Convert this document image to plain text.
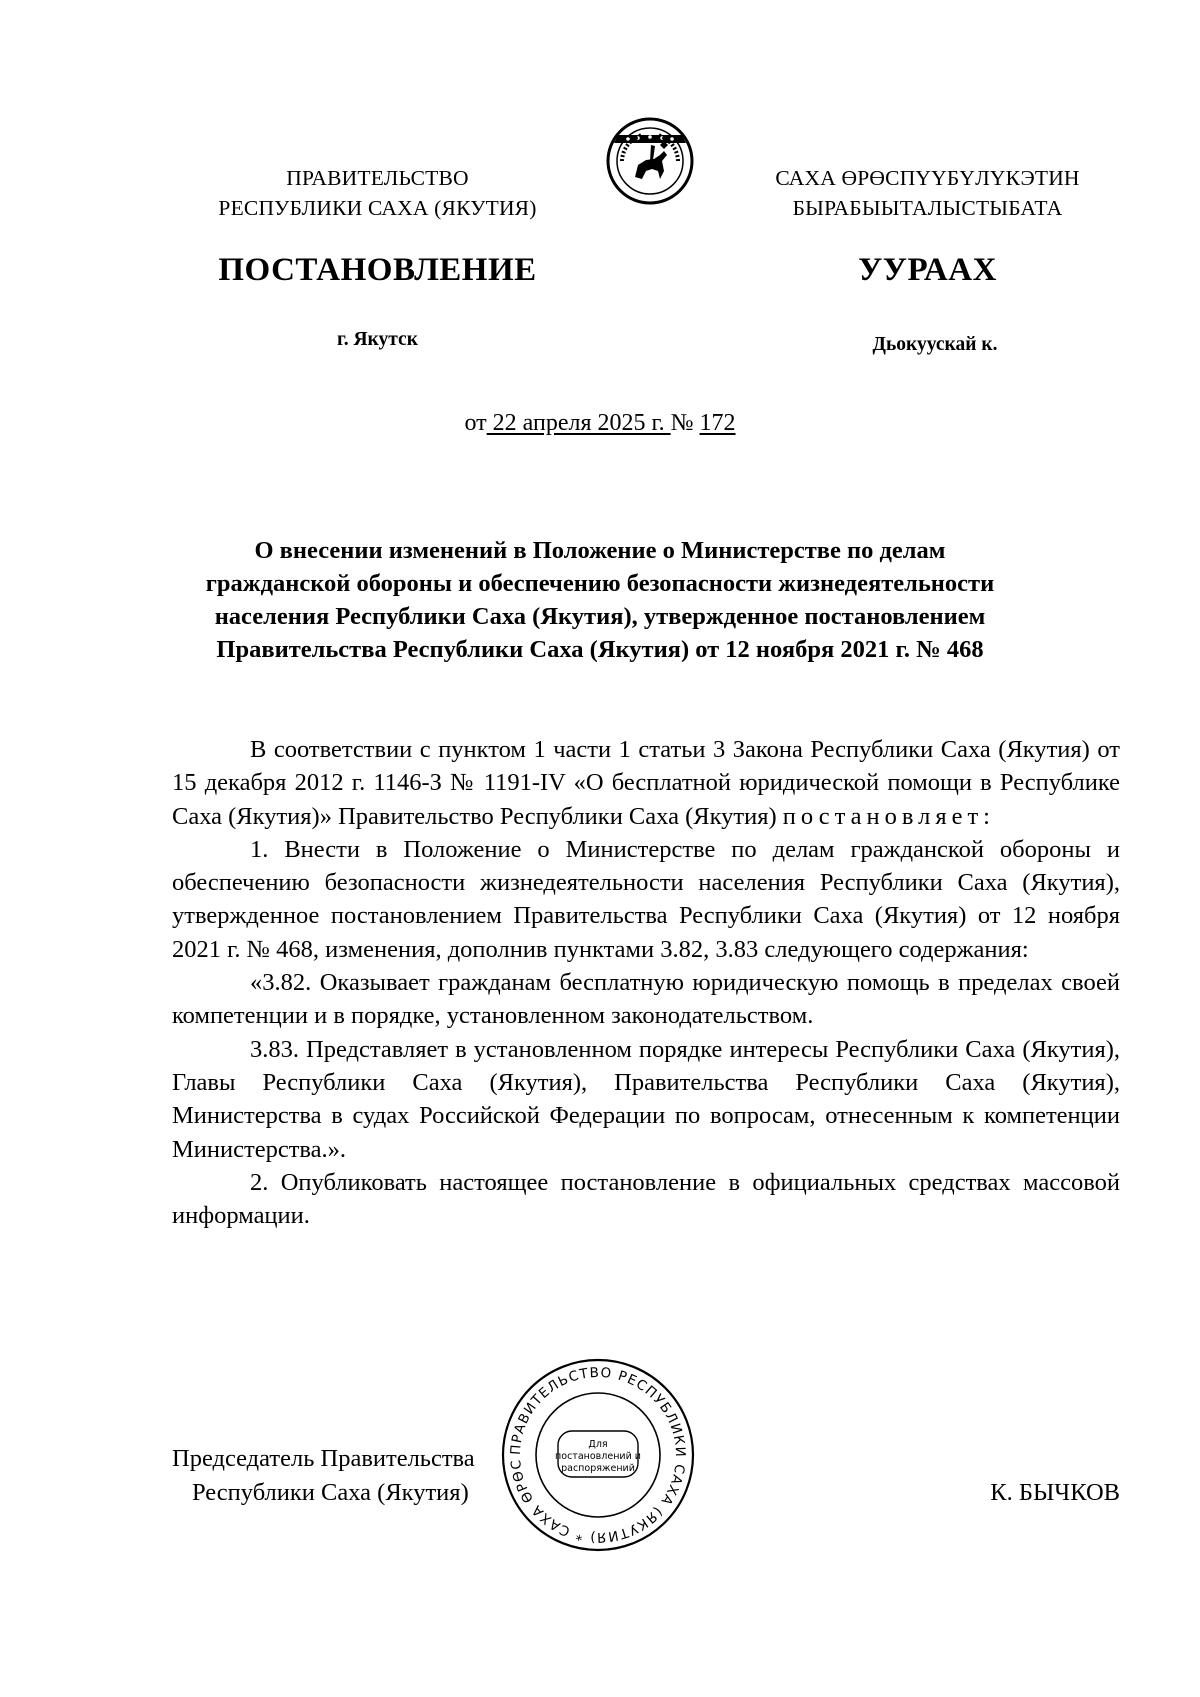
ПРАВИТЕЛЬСТВО
РЕСПУБЛИКИ САХА (ЯКУТИЯ)
САХА ӨРӨСПҮҮБҮЛҮКЭТИН
БЫРАБЫЫТАЛЫСТЫБАТА
ПОСТАНОВЛЕНИЕ	УУРААХ
г. Якутск	Дьокуускай к.
от 22 апреля 2025 г. № 172
О внесении изменений в Положение о Министерстве по делам
гражданской обороны и обеспечению безопасности жизнедеятельности
населения Республики Саха (Якутия), утвержденное постановлением
Правительства Республики Саха (Якутия) от 12 ноября 2021 г. № 468

В соответствии с пунктом 1 части 1 статьи 3 Закона Республики Саха (Якутия) от 15 декабря 2012 г. 1146-З № 1191-IV «О бесплатной юридической помощи в Республике Саха (Якутия)» Правительство Республики Саха (Якутия) постановляет:

1. Внести в Положение о Министерстве по делам гражданской обороны и обеспечению безопасности жизнедеятельности населения Республики Саха (Якутия), утвержденное постановлением Правительства Республики Саха (Якутия) от 12 ноября 2021 г. № 468, изменения, дополнив пунктами 3.82, 3.83 следующего содержания:

«3.82. Оказывает гражданам бесплатную юридическую помощь в пределах своей компетенции и в порядке, установленном законодательством.

3.83. Представляет в установленном порядке интересы Республики Саха (Якутия), Главы Республики Саха (Якутия), Правительства Республики Саха (Якутия), Министерства в судах Российской Федерации по вопросам, отнесенным к компетенции Министерства.».

2. Опубликовать настоящее постановление в официальных средствах массовой информации.

Председатель Правительства
Республики Саха (Якутия)	К. БЫЧКОВ
ПРАВИТЕЛЬСТВО РЕСПУБЛИКИ САХА (ЯКУТИЯ) * САХА ӨРӨС
Для
постановлений и
распоряжений
